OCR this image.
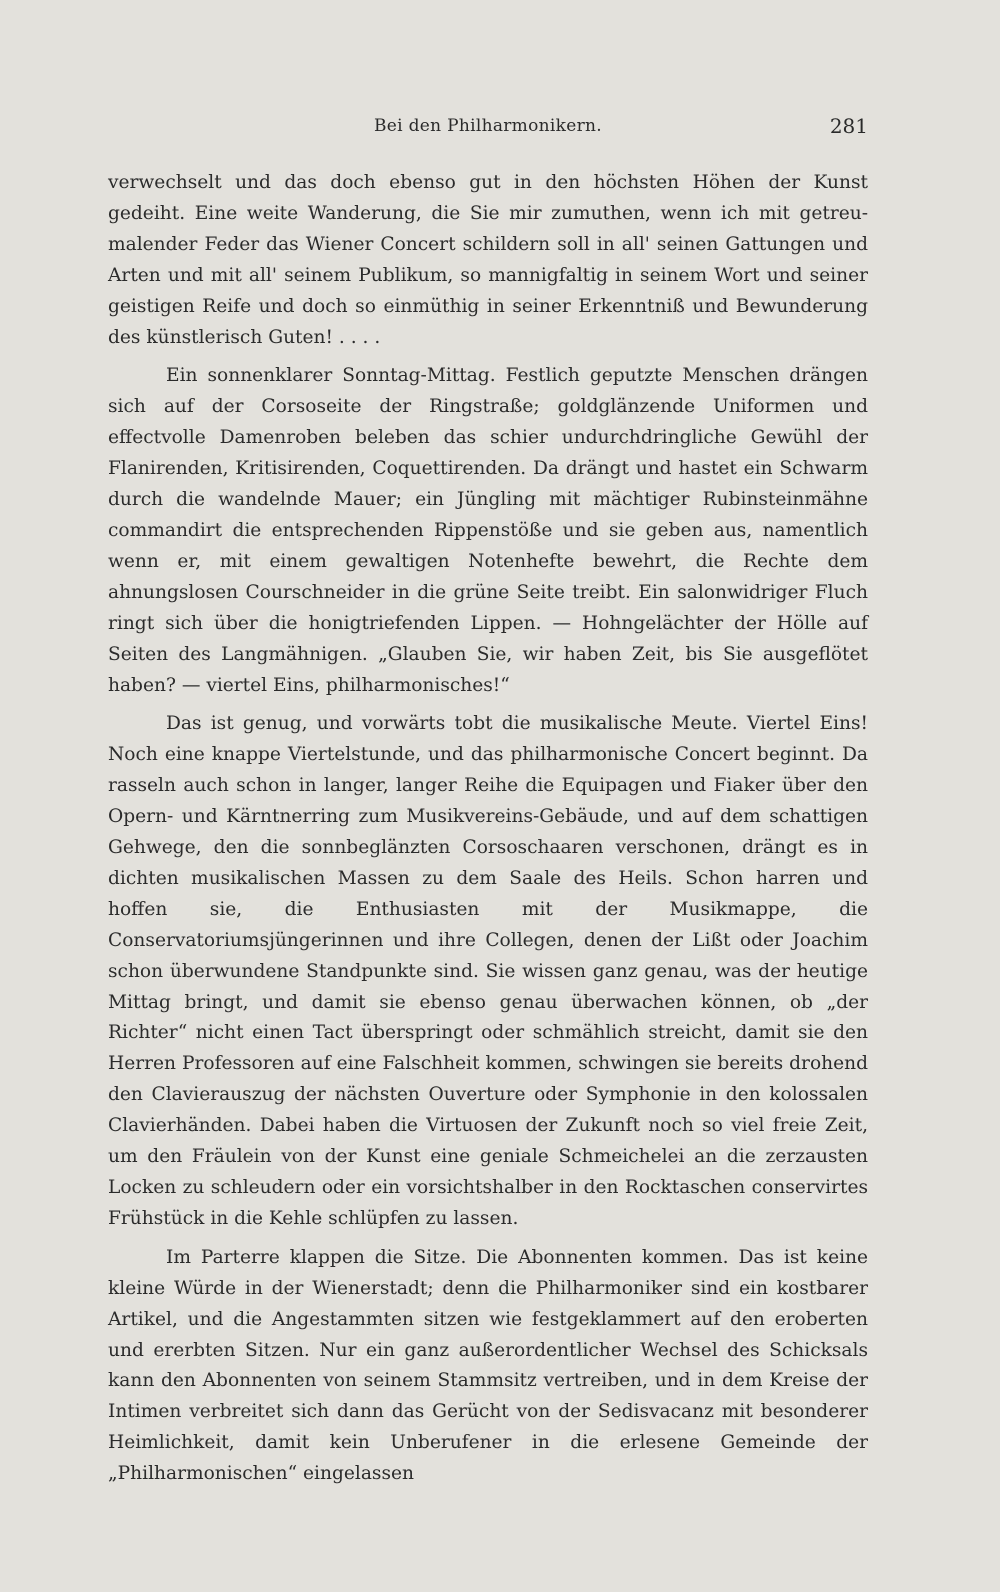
Bei den Philharmonikern.	281

verwechselt und das doch ebenso gut in den höchsten Höhen der Kunst gedeiht. Eine weite Wanderung, die Sie mir zumuthen, wenn ich mit getreu-malender Feder das Wiener Concert schildern soll in all' seinen Gattungen und Arten und mit all' seinem Publikum, so mannigfaltig in seinem Wort und seiner geistigen Reife und doch so einmüthig in seiner Erkenntniß und Bewunderung des künstlerisch Guten! . . . .

Ein sonnenklarer Sonntag-Mittag. Festlich geputzte Menschen drängen sich auf der Corsoseite der Ringstraße; goldglänzende Uniformen und effectvolle Damenroben beleben das schier undurchdringliche Gewühl der Flanirenden, Kritisirenden, Coquettirenden. Da drängt und hastet ein Schwarm durch die wandelnde Mauer; ein Jüngling mit mächtiger Rubinsteinmähne commandirt die entsprechenden Rippenstöße und sie geben aus, namentlich wenn er, mit einem gewaltigen Notenhefte bewehrt, die Rechte dem ahnungslosen Courschneider in die grüne Seite treibt. Ein salonwidriger Fluch ringt sich über die honigtriefenden Lippen. — Hohngelächter der Hölle auf Seiten des Langmähnigen. „Glauben Sie, wir haben Zeit, bis Sie ausgeflötet haben? — viertel Eins, philharmonisches!“

Das ist genug, und vorwärts tobt die musikalische Meute. Viertel Eins! Noch eine knappe Viertelstunde, und das philharmonische Concert beginnt. Da rasseln auch schon in langer, langer Reihe die Equipagen und Fiaker über den Opern- und Kärntnerring zum Musikvereins-Gebäude, und auf dem schattigen Gehwege, den die sonnbeglänzten Corsoschaaren verschonen, drängt es in dichten musikalischen Massen zu dem Saale des Heils. Schon harren und hoffen sie, die Enthusiasten mit der Musikmappe, die Conservatoriumsjüngerinnen und ihre Collegen, denen der Lißt oder Joachim schon überwundene Standpunkte sind. Sie wissen ganz genau, was der heutige Mittag bringt, und damit sie ebenso genau überwachen können, ob „der Richter“ nicht einen Tact überspringt oder schmählich streicht, damit sie den Herren Professoren auf eine Falschheit kommen, schwingen sie bereits drohend den Clavierauszug der nächsten Ouverture oder Symphonie in den kolossalen Clavierhänden. Dabei haben die Virtuosen der Zukunft noch so viel freie Zeit, um den Fräulein von der Kunst eine geniale Schmeichelei an die zerzausten Locken zu schleudern oder ein vorsichtshalber in den Rocktaschen conservirtes Frühstück in die Kehle schlüpfen zu lassen.

Im Parterre klappen die Sitze. Die Abonnenten kommen. Das ist keine kleine Würde in der Wienerstadt; denn die Philharmoniker sind ein kostbarer Artikel, und die Angestammten sitzen wie festgeklammert auf den eroberten und ererbten Sitzen. Nur ein ganz außerordentlicher Wechsel des Schicksals kann den Abonnenten von seinem Stammsitz vertreiben, und in dem Kreise der Intimen verbreitet sich dann das Gerücht von der Sedisvacanz mit besonderer Heimlichkeit, damit kein Unberufener in die erlesene Gemeinde der „Philharmonischen“ eingelassen
